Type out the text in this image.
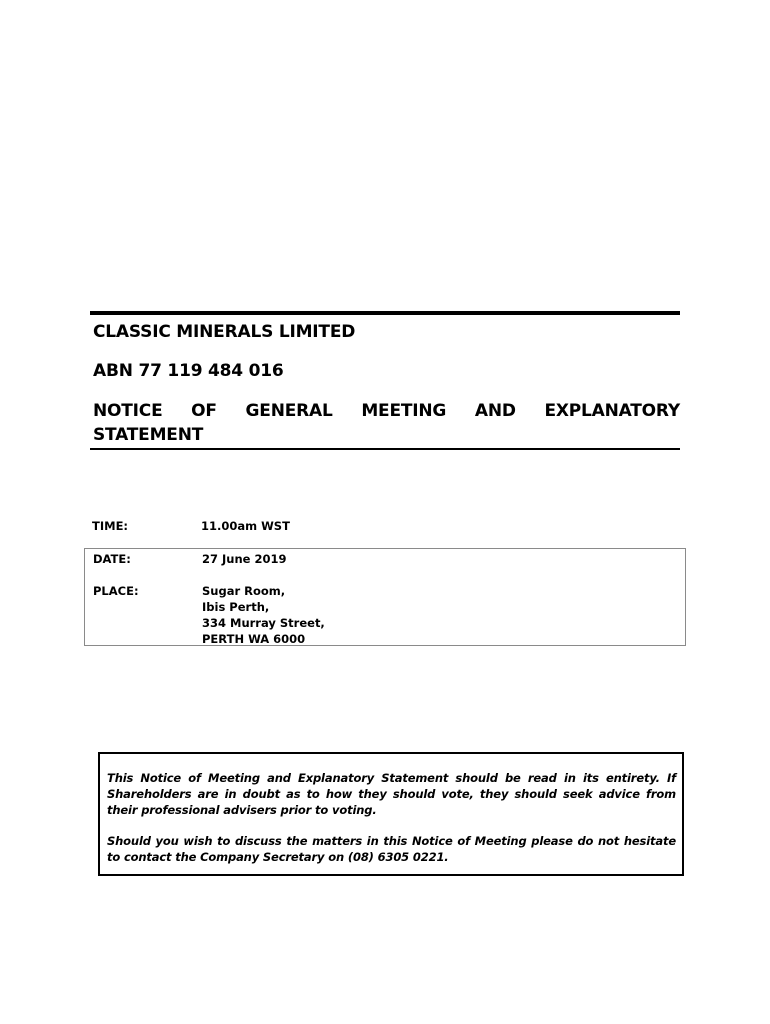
CLASSIC MINERALS LIMITED
ABN 77 119 484 016
NOTICE OF GENERAL MEETING AND EXPLANATORY STATEMENT
TIME:	11.00am WST
DATE:	27 June 2019
PLACE:	Sugar Room,
Ibis Perth,
334 Murray Street,
PERTH WA 6000

This Notice of Meeting and Explanatory Statement should be read in its entirety. If Shareholders are in doubt as to how they should vote, they should seek advice from their professional advisers prior to voting.

Should you wish to discuss the matters in this Notice of Meeting please do not hesitate to contact the Company Secretary on (08) 6305 0221.
